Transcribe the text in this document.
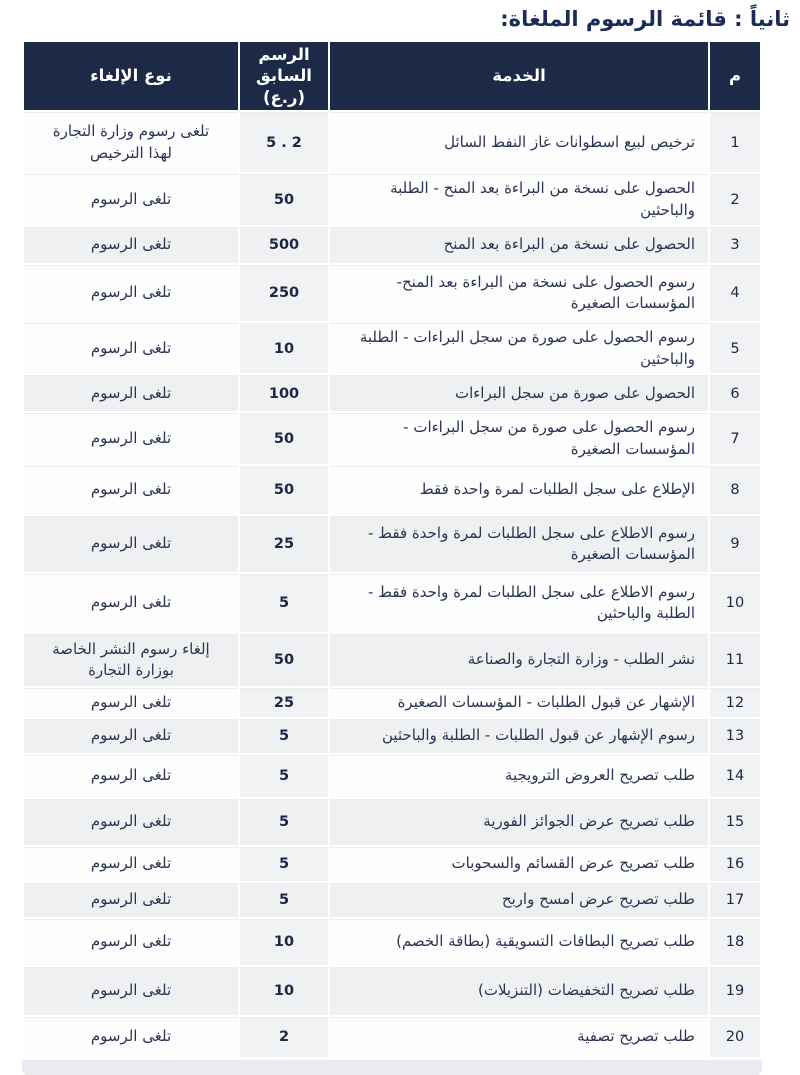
ثانياً : قائمة الرسوم الملغاة:
م	الخدمة	الرسم السابق (ر.ع)	نوع الإلغاء
1	ترخيص لبيع اسطوانات غاز النفط السائل	2 . 5	تلغى رسوم وزارة التجارة لهذا الترخيص
2	الحصول على نسخة من البراءة بعد المنح - الطلبة والباحثين	50	تلغى الرسوم
3	الحصول على نسخة من البراءة بعد المنح	500	تلغى الرسوم
4	رسوم الحصول على نسخة من البراءة بعد المنح- المؤسسات الصغيرة	250	تلغى الرسوم
5	رسوم الحصول على صورة من سجل البراءات - الطلبة والباحثين	10	تلغى الرسوم
6	الحصول على صورة من سجل البراءات	100	تلغى الرسوم
7	رسوم الحصول على صورة من سجل البراءات - المؤسسات الصغيرة	50	تلغى الرسوم
8	الإطلاع على سجل الطلبات لمرة واحدة فقط	50	تلغى الرسوم
9	رسوم الاطلاع على سجل الطلبات لمرة واحدة فقط - المؤسسات الصغيرة	25	تلغى الرسوم
10	رسوم الاطلاع على سجل الطلبات لمرة واحدة فقط - الطلبة والباحثين	5	تلغى الرسوم
11	نشر الطلب - وزارة التجارة والصناعة	50	إلغاء رسوم النشر الخاصة بوزارة التجارة
12	الإشهار عن قبول الطلبات - المؤسسات الصغيرة	25	تلغى الرسوم
13	رسوم الإشهار عن قبول الطلبات - الطلبة والباحثين	5	تلغى الرسوم
14	طلب تصريح العروض الترويجية	5	تلغى الرسوم
15	طلب تصريح عرض الجوائز الفورية	5	تلغى الرسوم
16	طلب تصريح عرض القسائم والسحوبات	5	تلغى الرسوم
17	طلب تصريح عرض امسح واربح	5	تلغى الرسوم
18	طلب تصريح البطاقات التسويقية (بطاقة الخصم)	10	تلغى الرسوم
19	طلب تصريح التخفيضات (التنزيلات)	10	تلغى الرسوم
20	طلب تصريح تصفية	2	تلغى الرسوم
